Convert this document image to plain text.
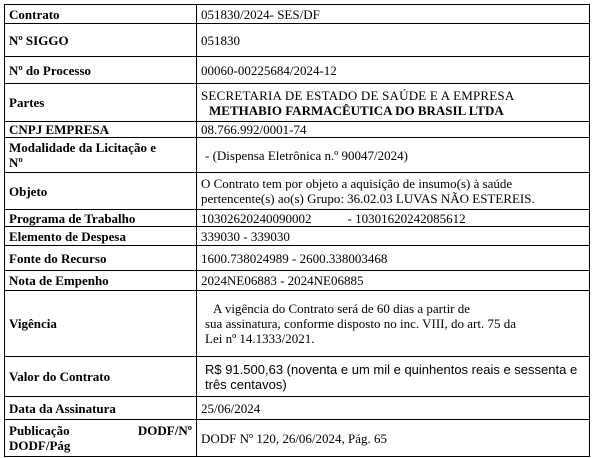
Contrato	051830/2024- SES/DF
Nº SIGGO	051830
Nº do Processo	00060-00225684/2024-12
Partes	SECRETARIA DE ESTADO DE SAÚDE E A EMPRESA
METHABIO FARMACÊUTICA DO BRASIL LTDA

CNPJ EMPRESA	08.766.992/0001-74

Modalidade da Licitação e
Nº	- (Dispensa Eletrônica n.º 90047/2024)
Objeto	O Contrato tem por objeto a aquisição de insumo(s) à saúde
pertencente(s) ao(s) Grupo: 36.02.03 LUVAS NÃO ESTEREIS.

Programa de Trabalho	10302620240090002 - 10301620242085612
Elemento de Despesa	339030 - 339030
Fonte do Recurso	1600.738024989 - 2600.338003468
Nota de Empenho	2024NE06883 - 2024NE06885
Vigência	A vigência do Contrato será de 60 dias a partir de
sua assinatura, conforme disposto no inc. VIII, do art. 75 da
Lei nº 14.1333/2021.

Valor do Contrato	R$ 91.500,63 (noventa e um mil e quinhentos reais e sessenta e
três centavos)

Data da Assinatura	25/06/2024

Publicação DODF/Nº
DODF/Pág	DODF Nº 120, 26/06/2024, Pág. 65
